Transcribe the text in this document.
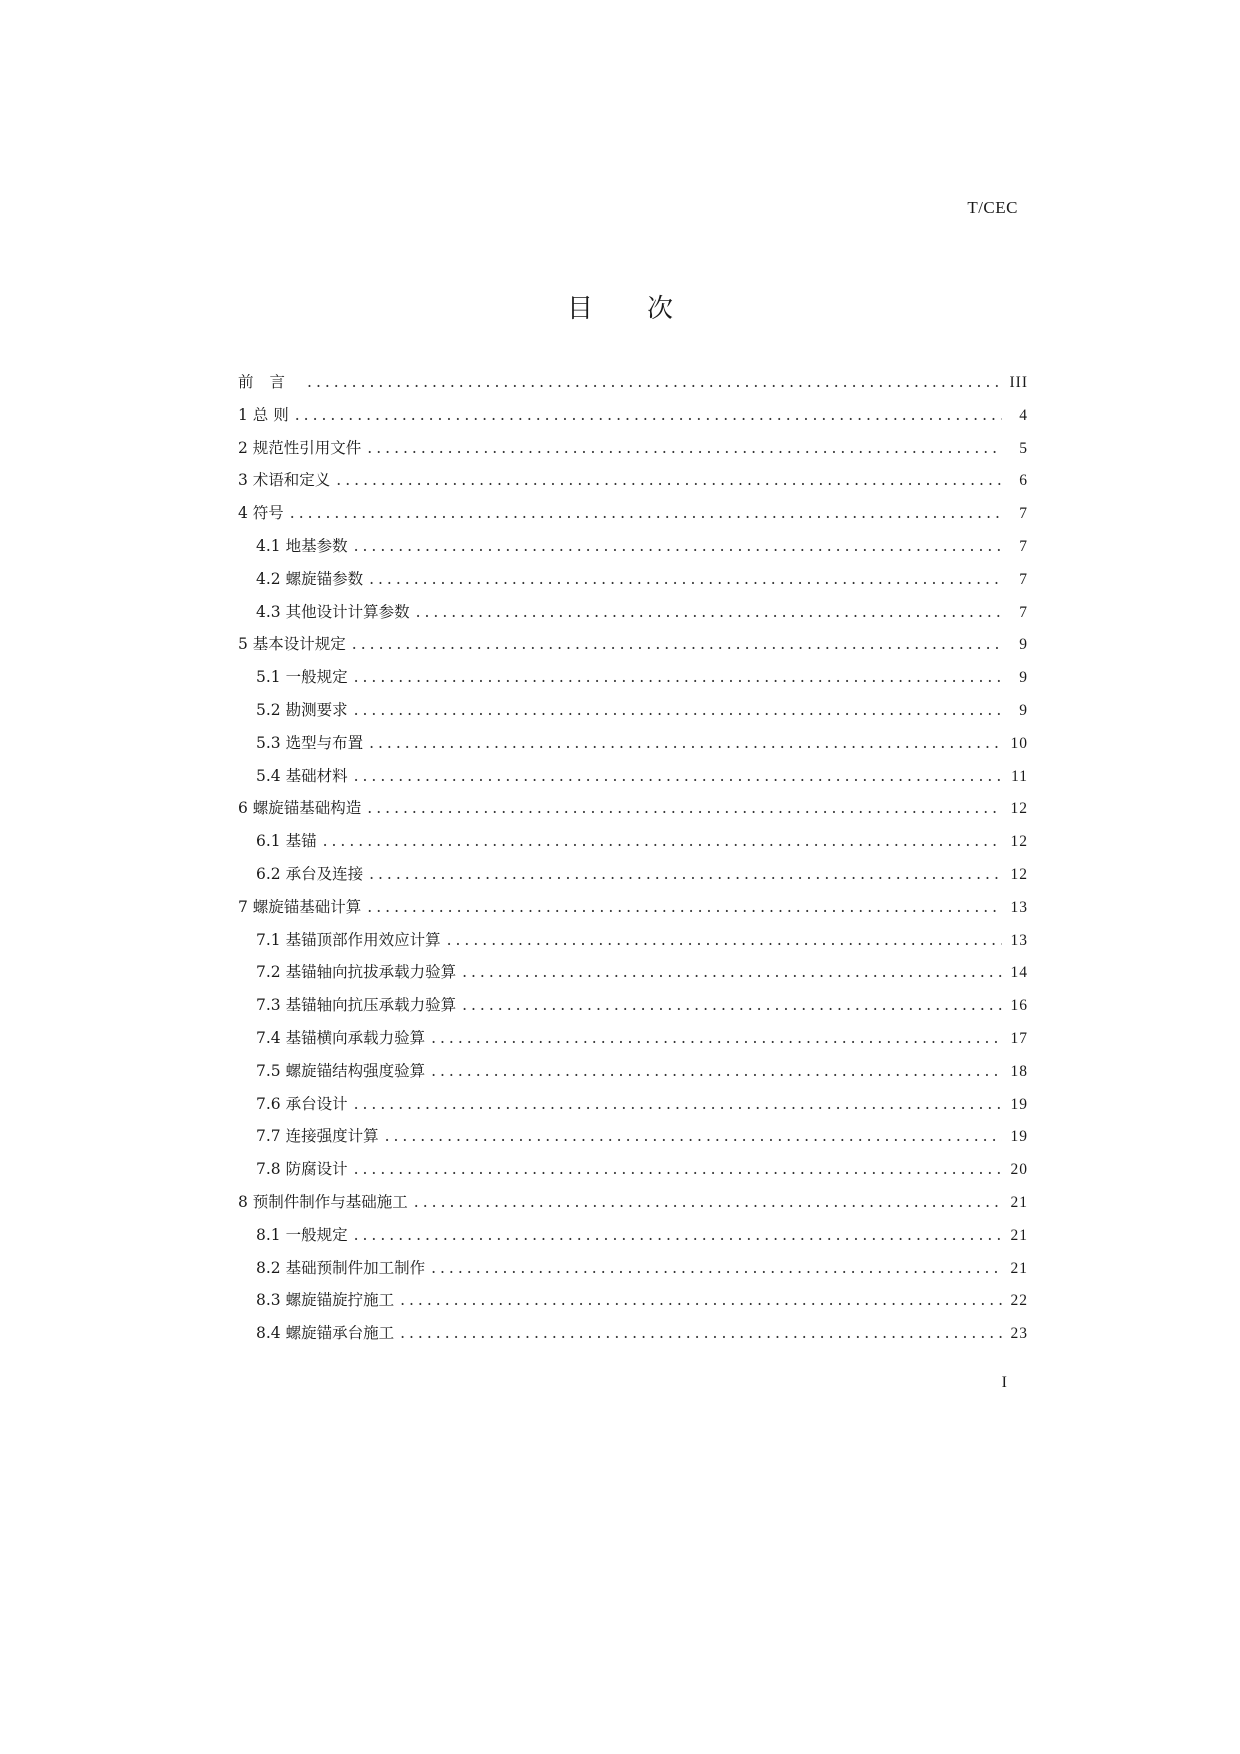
T/CEC
目次
前言 .....	III
1 总 则 .....	4
2 规范性引用文件 .....	5
3 术语和定义 .....	6
4 符号 .....	7
4.1 地基参数 .....	7
4.2 螺旋锚参数 .....	7
4.3 其他设计计算参数 .....	7
5 基本设计规定 .....	9
5.1 一般规定 .....	9
5.2 勘测要求 .....	9
5.3 选型与布置 .....	10
5.4 基础材料 .....	11
6 螺旋锚基础构造 .....	12
6.1 基锚 .....	12
6.2 承台及连接 .....	12
7 螺旋锚基础计算 .....	13
7.1 基锚顶部作用效应计算 .....	13
7.2 基锚轴向抗拔承载力验算 .....	14
7.3 基锚轴向抗压承载力验算 .....	16
7.4 基锚横向承载力验算 .....	17
7.5 螺旋锚结构强度验算 .....	18
7.6 承台设计 .....	19
7.7 连接强度计算 .....	19
7.8 防腐设计 .....	20
8 预制件制作与基础施工 .....	21
8.1 一般规定 .....	21
8.2 基础预制件加工制作 .....	21
8.3 螺旋锚旋拧施工 .....	22
8.4 螺旋锚承台施工 .....	23
I
